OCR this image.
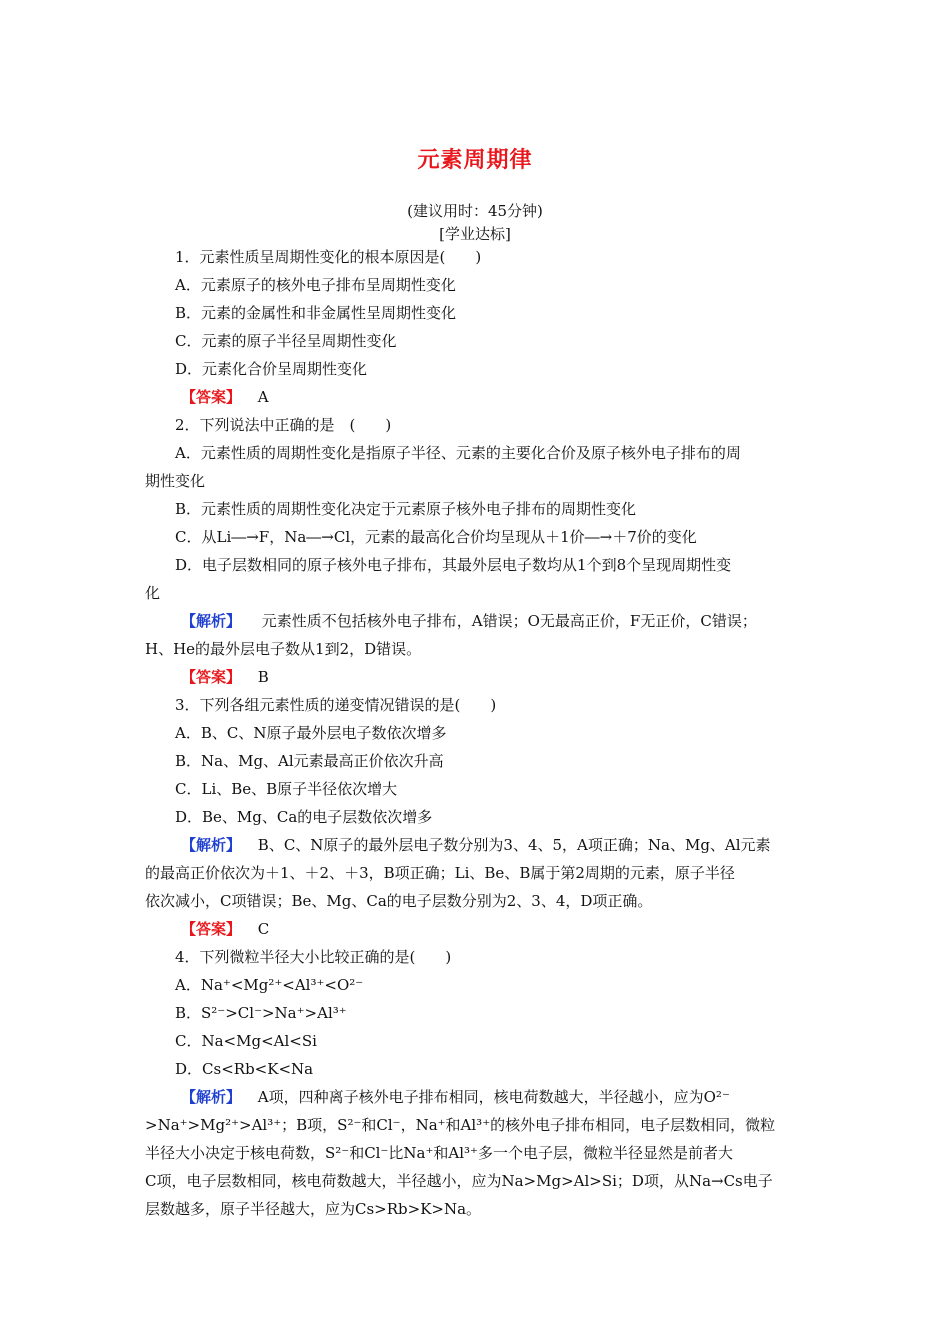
元素周期律
(建议用时：45分钟)
[学业达标]
1．元素性质呈周期性变化的根本原因是(　　)
A．元素原子的核外电子排布呈周期性变化
B．元素的金属性和非金属性呈周期性变化
C．元素的原子半径呈周期性变化
D．元素化合价呈周期性变化
【答案】 A
2．下列说法中正确的是　(　　)
A．元素性质的周期性变化是指原子半径、元素的主要化合价及原子核外电子排布的周
期性变化
B．元素性质的周期性变化决定于元素原子核外电子排布的周期性变化
C．从Li―→F，Na―→Cl，元素的最高化合价均呈现从＋1价―→＋7价的变化
D．电子层数相同的原子核外电子排布，其最外层电子数均从1个到8个呈现周期性变
化
【解析】 元素性质不包括核外电子排布，A错误；O无最高正价，F无正价，C错误；
H、He的最外层电子数从1到2，D错误。
【答案】 B
3．下列各组元素性质的递变情况错误的是(　　)
A．B、C、N原子最外层电子数依次增多
B．Na、Mg、Al元素最高正价依次升高
C．Li、Be、B原子半径依次增大
D．Be、Mg、Ca的电子层数依次增多
【解析】 B、C、N原子的最外层电子数分别为3、4、5，A项正确；Na、Mg、Al元素
的最高正价依次为＋1、＋2、＋3，B项正确；Li、Be、B属于第2周期的元素，原子半径
依次减小，C项错误；Be、Mg、Ca的电子层数分别为2、3、4，D项正确。
【答案】 C
4．下列微粒半径大小比较正确的是(　　)
A．Na⁺<Mg²⁺<Al³⁺<O²⁻
B．S²⁻>Cl⁻>Na⁺>Al³⁺
C．Na<Mg<Al<Si
D．Cs<Rb<K<Na
【解析】 A项，四种离子核外电子排布相同，核电荷数越大，半径越小，应为O²⁻
>Na⁺>Mg²⁺>Al³⁺；B项，S²⁻和Cl⁻，Na⁺和Al³⁺的核外电子排布相同，电子层数相同，微粒
半径大小决定于核电荷数，S²⁻和Cl⁻比Na⁺和Al³⁺多一个电子层，微粒半径显然是前者大
C项，电子层数相同，核电荷数越大，半径越小，应为Na>Mg>Al>Si；D项，从Na→Cs电子
层数越多，原子半径越大，应为Cs>Rb>K>Na。
